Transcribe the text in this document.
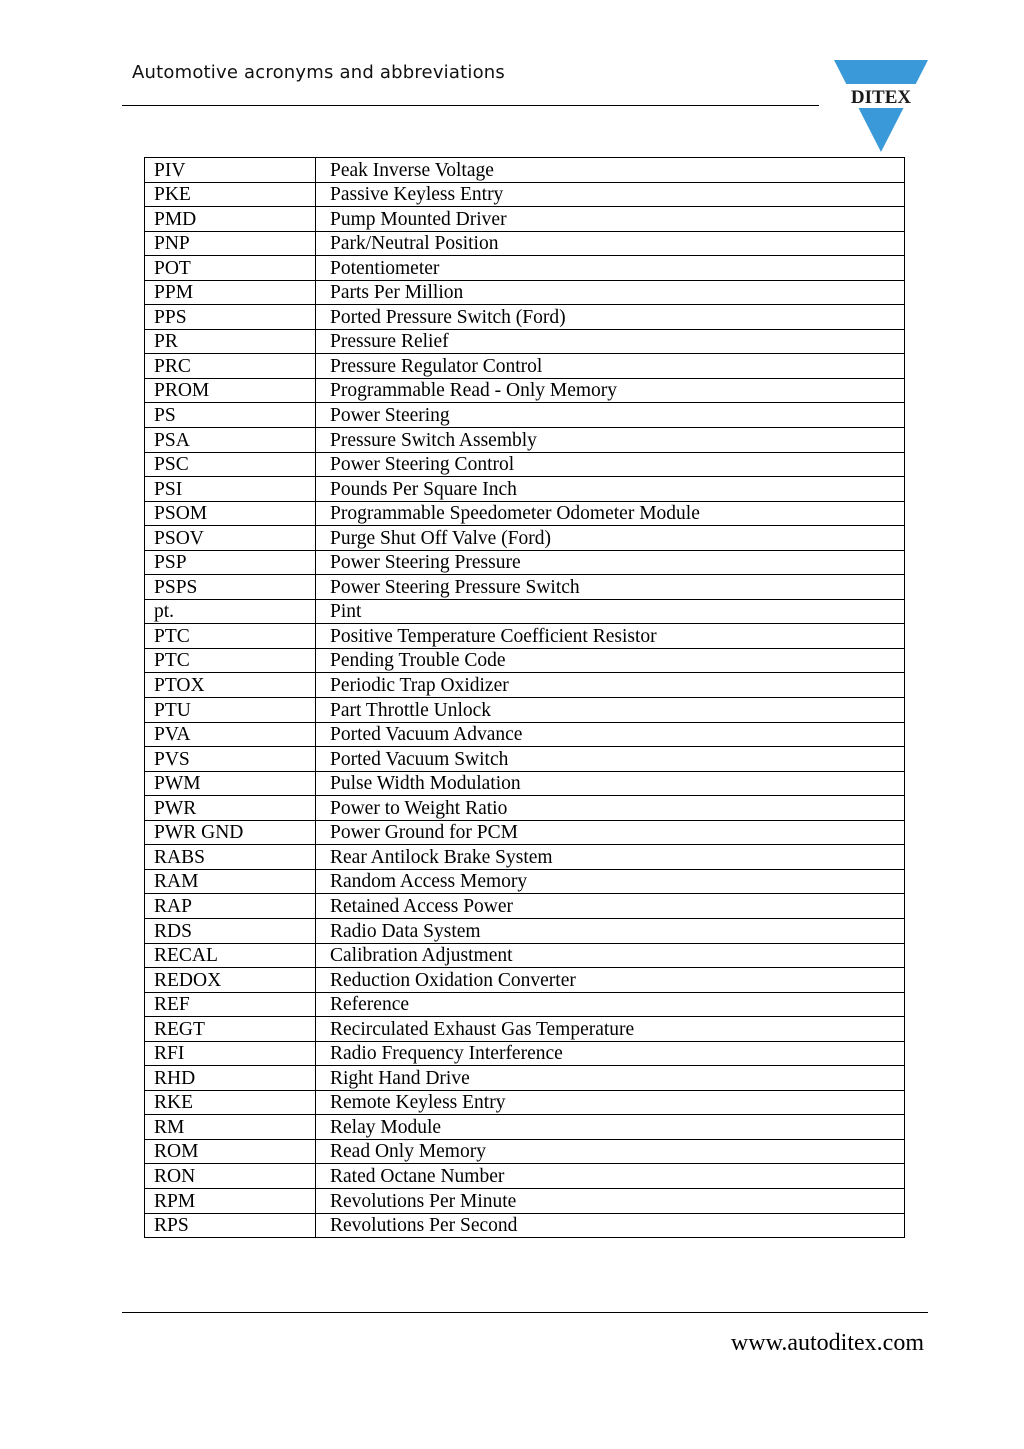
Automotive acronyms and abbreviations
DITEX
PIV	Peak Inverse Voltage
PKE	Passive Keyless Entry
PMD	Pump Mounted Driver
PNP	Park/Neutral Position
POT	Potentiometer
PPM	Parts Per Million
PPS	Ported Pressure Switch (Ford)
PR	Pressure Relief
PRC	Pressure Regulator Control
PROM	Programmable Read - Only Memory
PS	Power Steering
PSA	Pressure Switch Assembly
PSC	Power Steering Control
PSI	Pounds Per Square Inch
PSOM	Programmable Speedometer Odometer Module
PSOV	Purge Shut Off Valve (Ford)
PSP	Power Steering Pressure
PSPS	Power Steering Pressure Switch
pt.	Pint
PTC	Positive Temperature Coefficient Resistor
PTC	Pending Trouble Code
PTOX	Periodic Trap Oxidizer
PTU	Part Throttle Unlock
PVA	Ported Vacuum Advance
PVS	Ported Vacuum Switch
PWM	Pulse Width Modulation
PWR	Power to Weight Ratio
PWR GND	Power Ground for PCM
RABS	Rear Antilock Brake System
RAM	Random Access Memory
RAP	Retained Access Power
RDS	Radio Data System
RECAL	Calibration Adjustment
REDOX	Reduction Oxidation Converter
REF	Reference
REGT	Recirculated Exhaust Gas Temperature
RFI	Radio Frequency Interference
RHD	Right Hand Drive
RKE	Remote Keyless Entry
RM	Relay Module
ROM	Read Only Memory
RON	Rated Octane Number
RPM	Revolutions Per Minute
RPS	Revolutions Per Second
www.autoditex.com
